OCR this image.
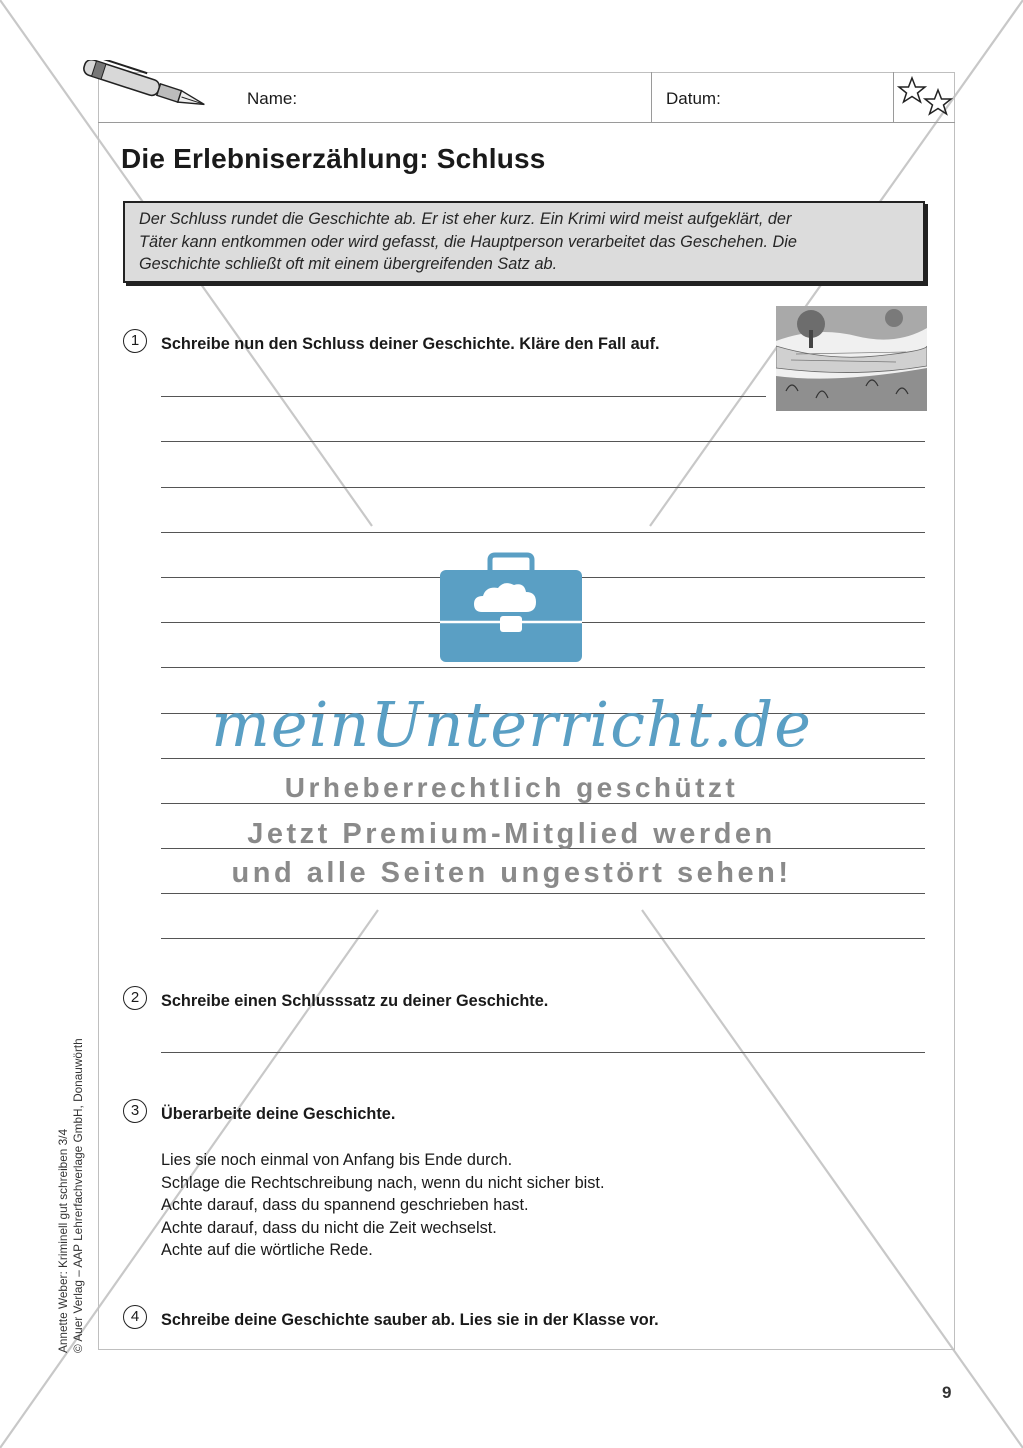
Name:	Datum:
Die Erlebniserzählung: Schluss
Der Schluss rundet die Geschichte ab. Er ist eher kurz. Ein Krimi wird meist aufgeklärt, der
Täter kann entkommen oder wird gefasst, die Hauptperson verarbeitet das Geschehen. Die
Geschichte schließt oft mit einem übergreifenden Satz ab.
1	Schreibe nun den Schluss deiner Geschichte. Kläre den Fall auf.
meinUnterricht.de
Urheberrechtlich geschützt
Jetzt Premium-Mitglied werden
und alle Seiten ungestört sehen!
2	Schreibe einen Schlusssatz zu deiner Geschichte.
3	Überarbeite deine Geschichte.
Lies sie noch einmal von Anfang bis Ende durch.
Schlage die Rechtschreibung nach, wenn du nicht sicher bist.
Achte darauf, dass du spannend geschrieben hast.
Achte darauf, dass du nicht die Zeit wechselst.
Achte auf die wörtliche Rede.
4	Schreibe deine Geschichte sauber ab. Lies sie in der Klasse vor.
Annette Weber: Kriminell gut schreiben 3/4 © Auer Verlag – AAP Lehrerfachverlage GmbH, Donauwörth
9
